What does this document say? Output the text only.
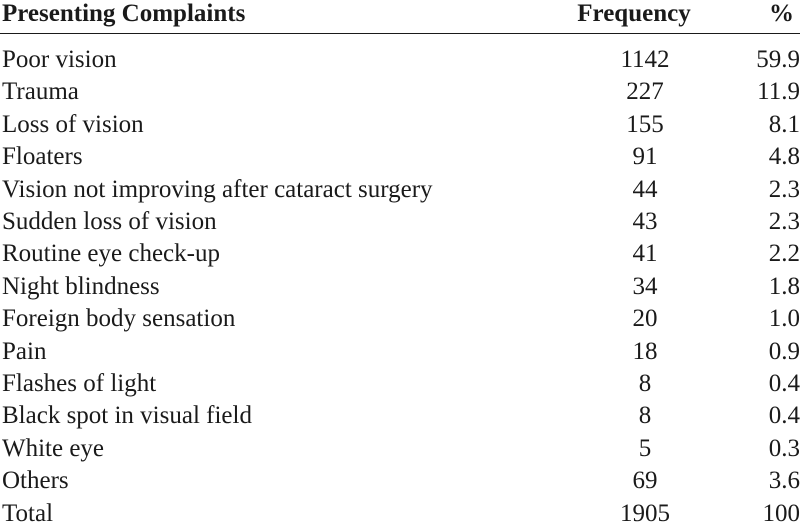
Presenting Complaints	Frequency	%
Poor vision	1142	59.9
Trauma	227	11.9
Loss of vision	155	8.1
Floaters	91	4.8
Vision not improving after cataract surgery	44	2.3
Sudden loss of vision	43	2.3
Routine eye check-up	41	2.2
Night blindness	34	1.8
Foreign body sensation	20	1.0
Pain	18	0.9
Flashes of light	8	0.4
Black spot in visual field	8	0.4
White eye	5	0.3
Others	69	3.6
Total	1905	100
